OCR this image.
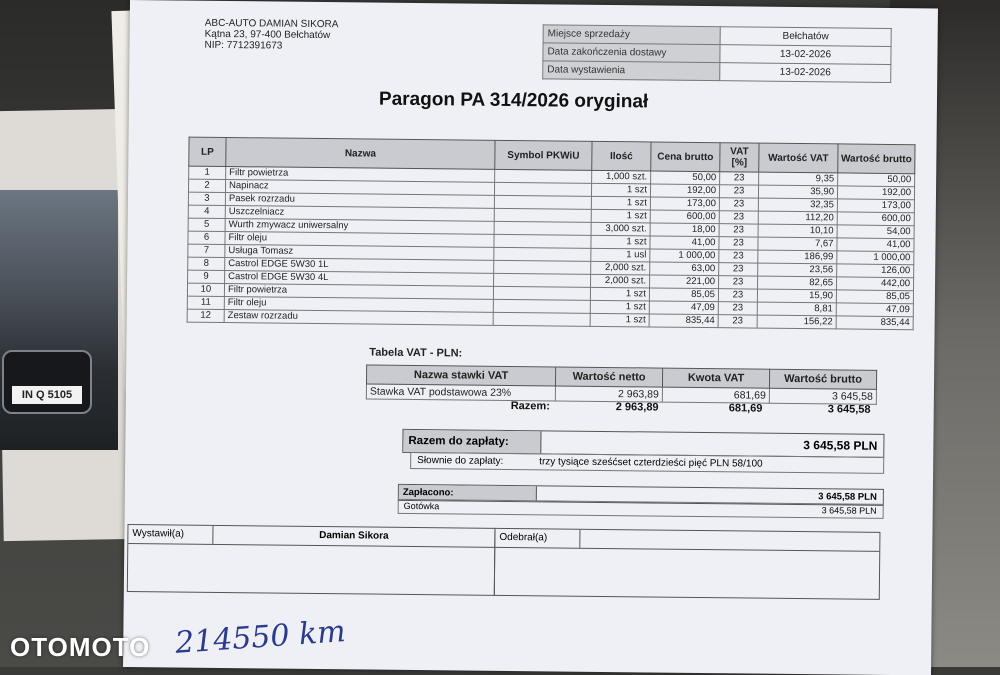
IN Q 5105
ABC-AUTO DAMIAN SIKORA
Kątna 23, 97-400 Bełchatów
NIP: 7712391673
Miejsce sprzedaży	Bełchatów
Data zakończenia dostawy	13-02-2026
Data wystawienia	13-02-2026
Paragon PA 314/2026 oryginał
LP	Nazwa	Symbol PKWiU	Ilość	Cena brutto	VAT [%]	Wartość VAT	Wartość brutto
1	Filtr powietrza		1,000 szt.	50,00	23	9,35	50,00
2	Napinacz		1 szt	192,00	23	35,90	192,00
3	Pasek rozrzadu		1 szt	173,00	23	32,35	173,00
4	Uszczelniacz		1 szt	600,00	23	112,20	600,00
5	Wurth zmywacz uniwersalny		3,000 szt.	18,00	23	10,10	54,00
6	Filtr oleju		1 szt	41,00	23	7,67	41,00
7	Usługa Tomasz		1 usl	1 000,00	23	186,99	1 000,00
8	Castrol EDGE 5W30 1L		2,000 szt.	63,00	23	23,56	126,00
9	Castrol EDGE 5W30 4L		2,000 szt.	221,00	23	82,65	442,00
10	Filtr powietrza		1 szt	85,05	23	15,90	85,05
11	Filtr oleju		1 szt	47,09	23	8,81	47,09
12	Zestaw rozrzadu		1 szt	835,44	23	156,22	835,44
Tabela VAT - PLN:
Nazwa stawki VAT	Wartość netto	Kwota VAT	Wartość brutto
Stawka VAT podstawowa 23%	2 963,89	681,69	3 645,58
Razem:	2 963,89	681,69	3 645,58
Razem do zapłaty:	3 645,58 PLN
Słownie do zapłaty:	trzy tysiące sześćset czterdzieści pięć PLN 58/100
Zapłacono:	3 645,58 PLN
Gotówka	3 645,58 PLN
Wystawił(a)	Damian Sikora	Odebrał(a)
214550 km
OTOMOTO
